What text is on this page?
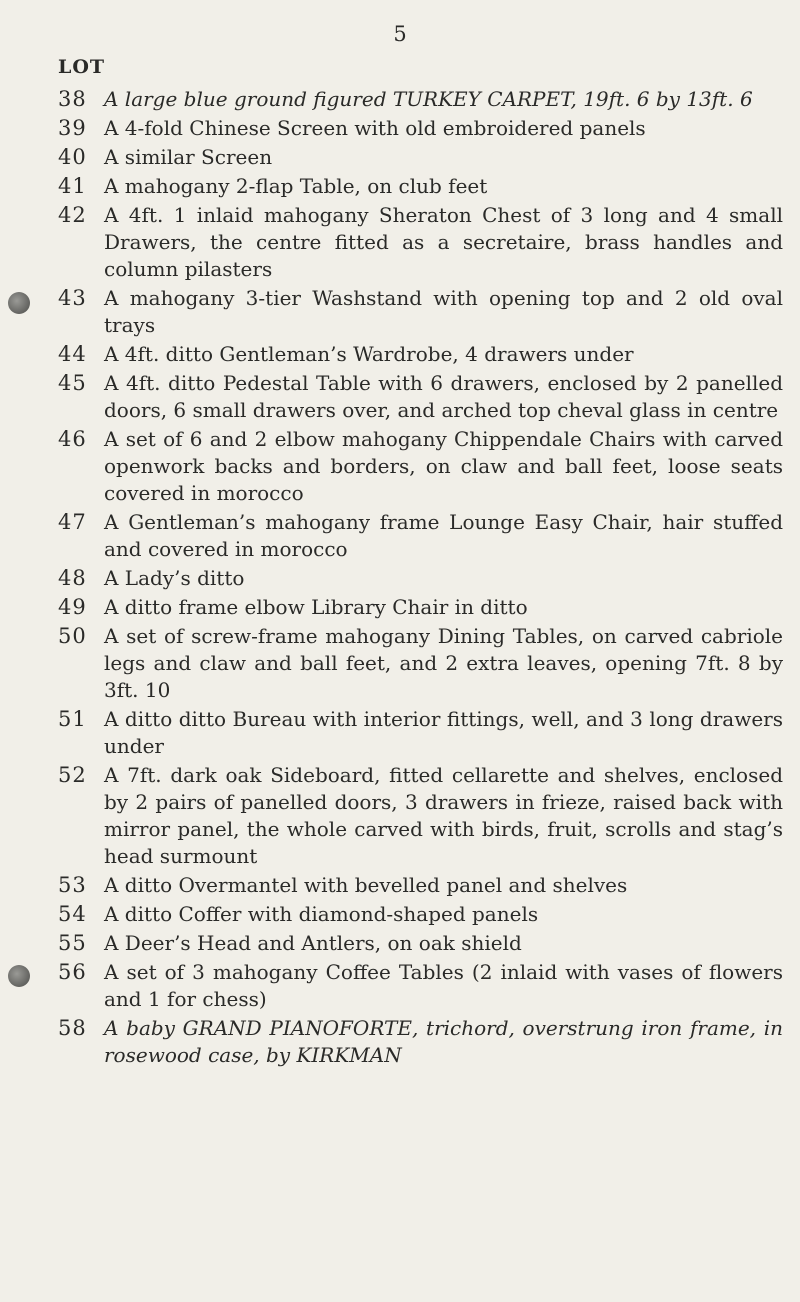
5
LOT
38 A large blue ground figured TURKEY CARPET, 19ft. 6 by 13ft. 6
39 A 4-fold Chinese Screen with old embroidered panels
40 A similar Screen
41 A mahogany 2-flap Table, on club feet
42 A 4ft. 1 inlaid mahogany Sheraton Chest of 3 long and 4 small Drawers, the centre fitted as a secretaire, brass handles and column pilasters
43 A mahogany 3-tier Washstand with opening top and 2 old oval trays
44 A 4ft. ditto Gentleman’s Wardrobe, 4 drawers under
45 A 4ft. ditto Pedestal Table with 6 drawers, enclosed by 2 panelled doors, 6 small drawers over, and arched top cheval glass in centre
46 A set of 6 and 2 elbow mahogany Chippendale Chairs with carved openwork backs and borders, on claw and ball feet, loose seats covered in morocco
47 A Gentleman’s mahogany frame Lounge Easy Chair, hair stuffed and covered in morocco
48 A Lady’s ditto
49 A ditto frame elbow Library Chair in ditto
50 A set of screw-frame mahogany Dining Tables, on carved cabriole legs and claw and ball feet, and 2 extra leaves, opening 7ft. 8 by 3ft. 10
51 A ditto ditto Bureau with interior fittings, well, and 3 long drawers under
52 A 7ft. dark oak Sideboard, fitted cellarette and shelves, enclosed by 2 pairs of panelled doors, 3 drawers in frieze, raised back with mirror panel, the whole carved with birds, fruit, scrolls and stag’s head surmount
53 A ditto Overmantel with bevelled panel and shelves
54 A ditto Coffer with diamond-shaped panels
55 A Deer’s Head and Antlers, on oak shield
56 A set of 3 mahogany Coffee Tables (2 inlaid with vases of flowers and 1 for chess)
58 A baby GRAND PIANOFORTE, trichord, overstrung iron frame, in rosewood case, by KIRKMAN
